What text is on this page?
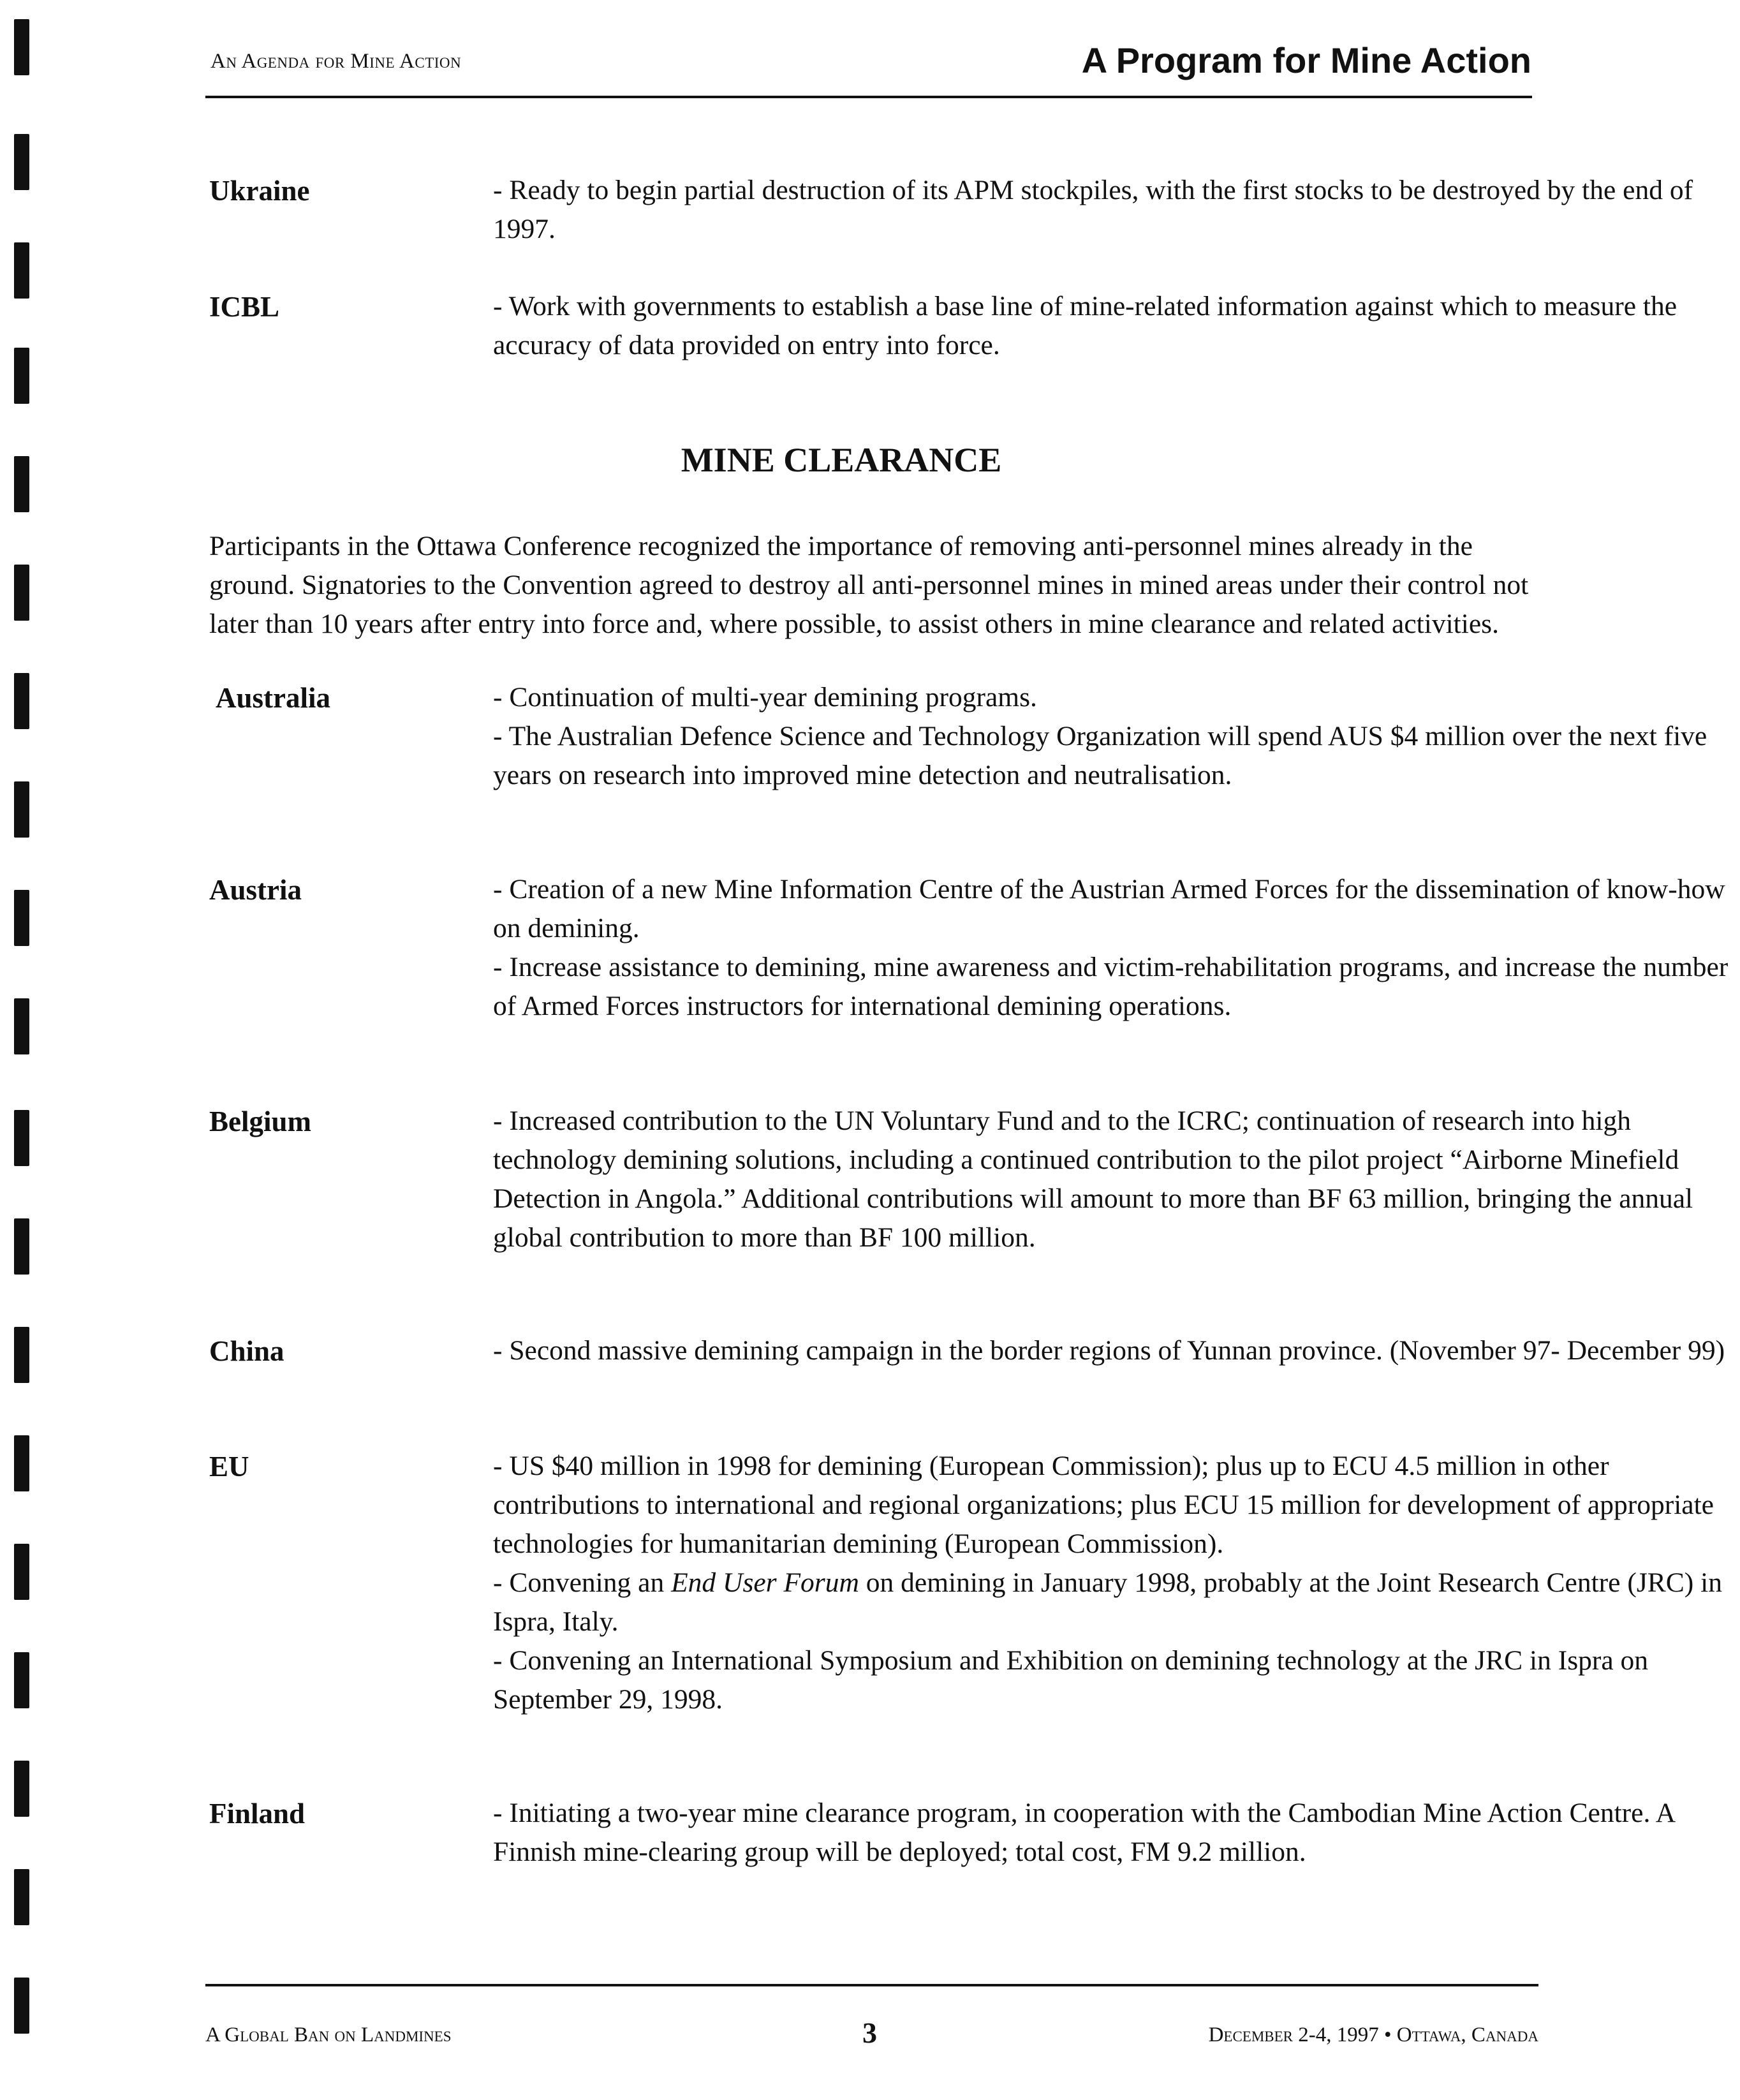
An Agenda for Mine Action	A Program for Mine Action
Ukraine	- Ready to begin partial destruction of its APM stockpiles, with the first stocks to be destroyed by the end of 1997.

ICBL	- Work with governments to establish a base line of mine-related information against which to measure the accuracy of data provided on entry into force.

MINE CLEARANCE

Participants in the Ottawa Conference recognized the importance of removing anti-personnel mines already in the ground. Signatories to the Convention agreed to destroy all anti-personnel mines in mined areas under their control not later than 10 years after entry into force and, where possible, to assist others in mine clearance and related activities.

Australia	- Continuation of multi-year demining programs.

- The Australian Defence Science and Technology Organization will spend AUS $4 million over the next five years on research into improved mine detection and neutralisation.

Austria	- Creation of a new Mine Information Centre of the Austrian Armed Forces for the dissemination of know-how on demining.

- Increase assistance to demining, mine awareness and victim-rehabilitation programs, and increase the number of Armed Forces instructors for international demining operations.

Belgium	- Increased contribution to the UN Voluntary Fund and to the ICRC; continuation of research into high technology demining solutions, including a continued contribution to the pilot project “Airborne Minefield Detection in Angola.” Additional contributions will amount to more than BF 63 million, bringing the annual global contribution to more than BF 100 million.

China	- Second massive demining campaign in the border regions of Yunnan province. (November 97- December 99)

EU	- US $40 million in 1998 for demining (European Commission); plus up to ECU 4.5 million in other contributions to international and regional organizations; plus ECU 15 million for development of appropriate technologies for humanitarian demining (European Commission).

- Convening an End User Forum on demining in January 1998, probably at the Joint Research Centre (JRC) in Ispra, Italy.

- Convening an International Symposium and Exhibition on demining technology at the JRC in Ispra on September 29, 1998.

Finland	- Initiating a two-year mine clearance program, in cooperation with the Cambodian Mine Action Centre. A Finnish mine-clearing group will be deployed; total cost, FM 9.2 million.

A Global Ban on Landmines	3	December 2-4, 1997 • Ottawa, Canada
